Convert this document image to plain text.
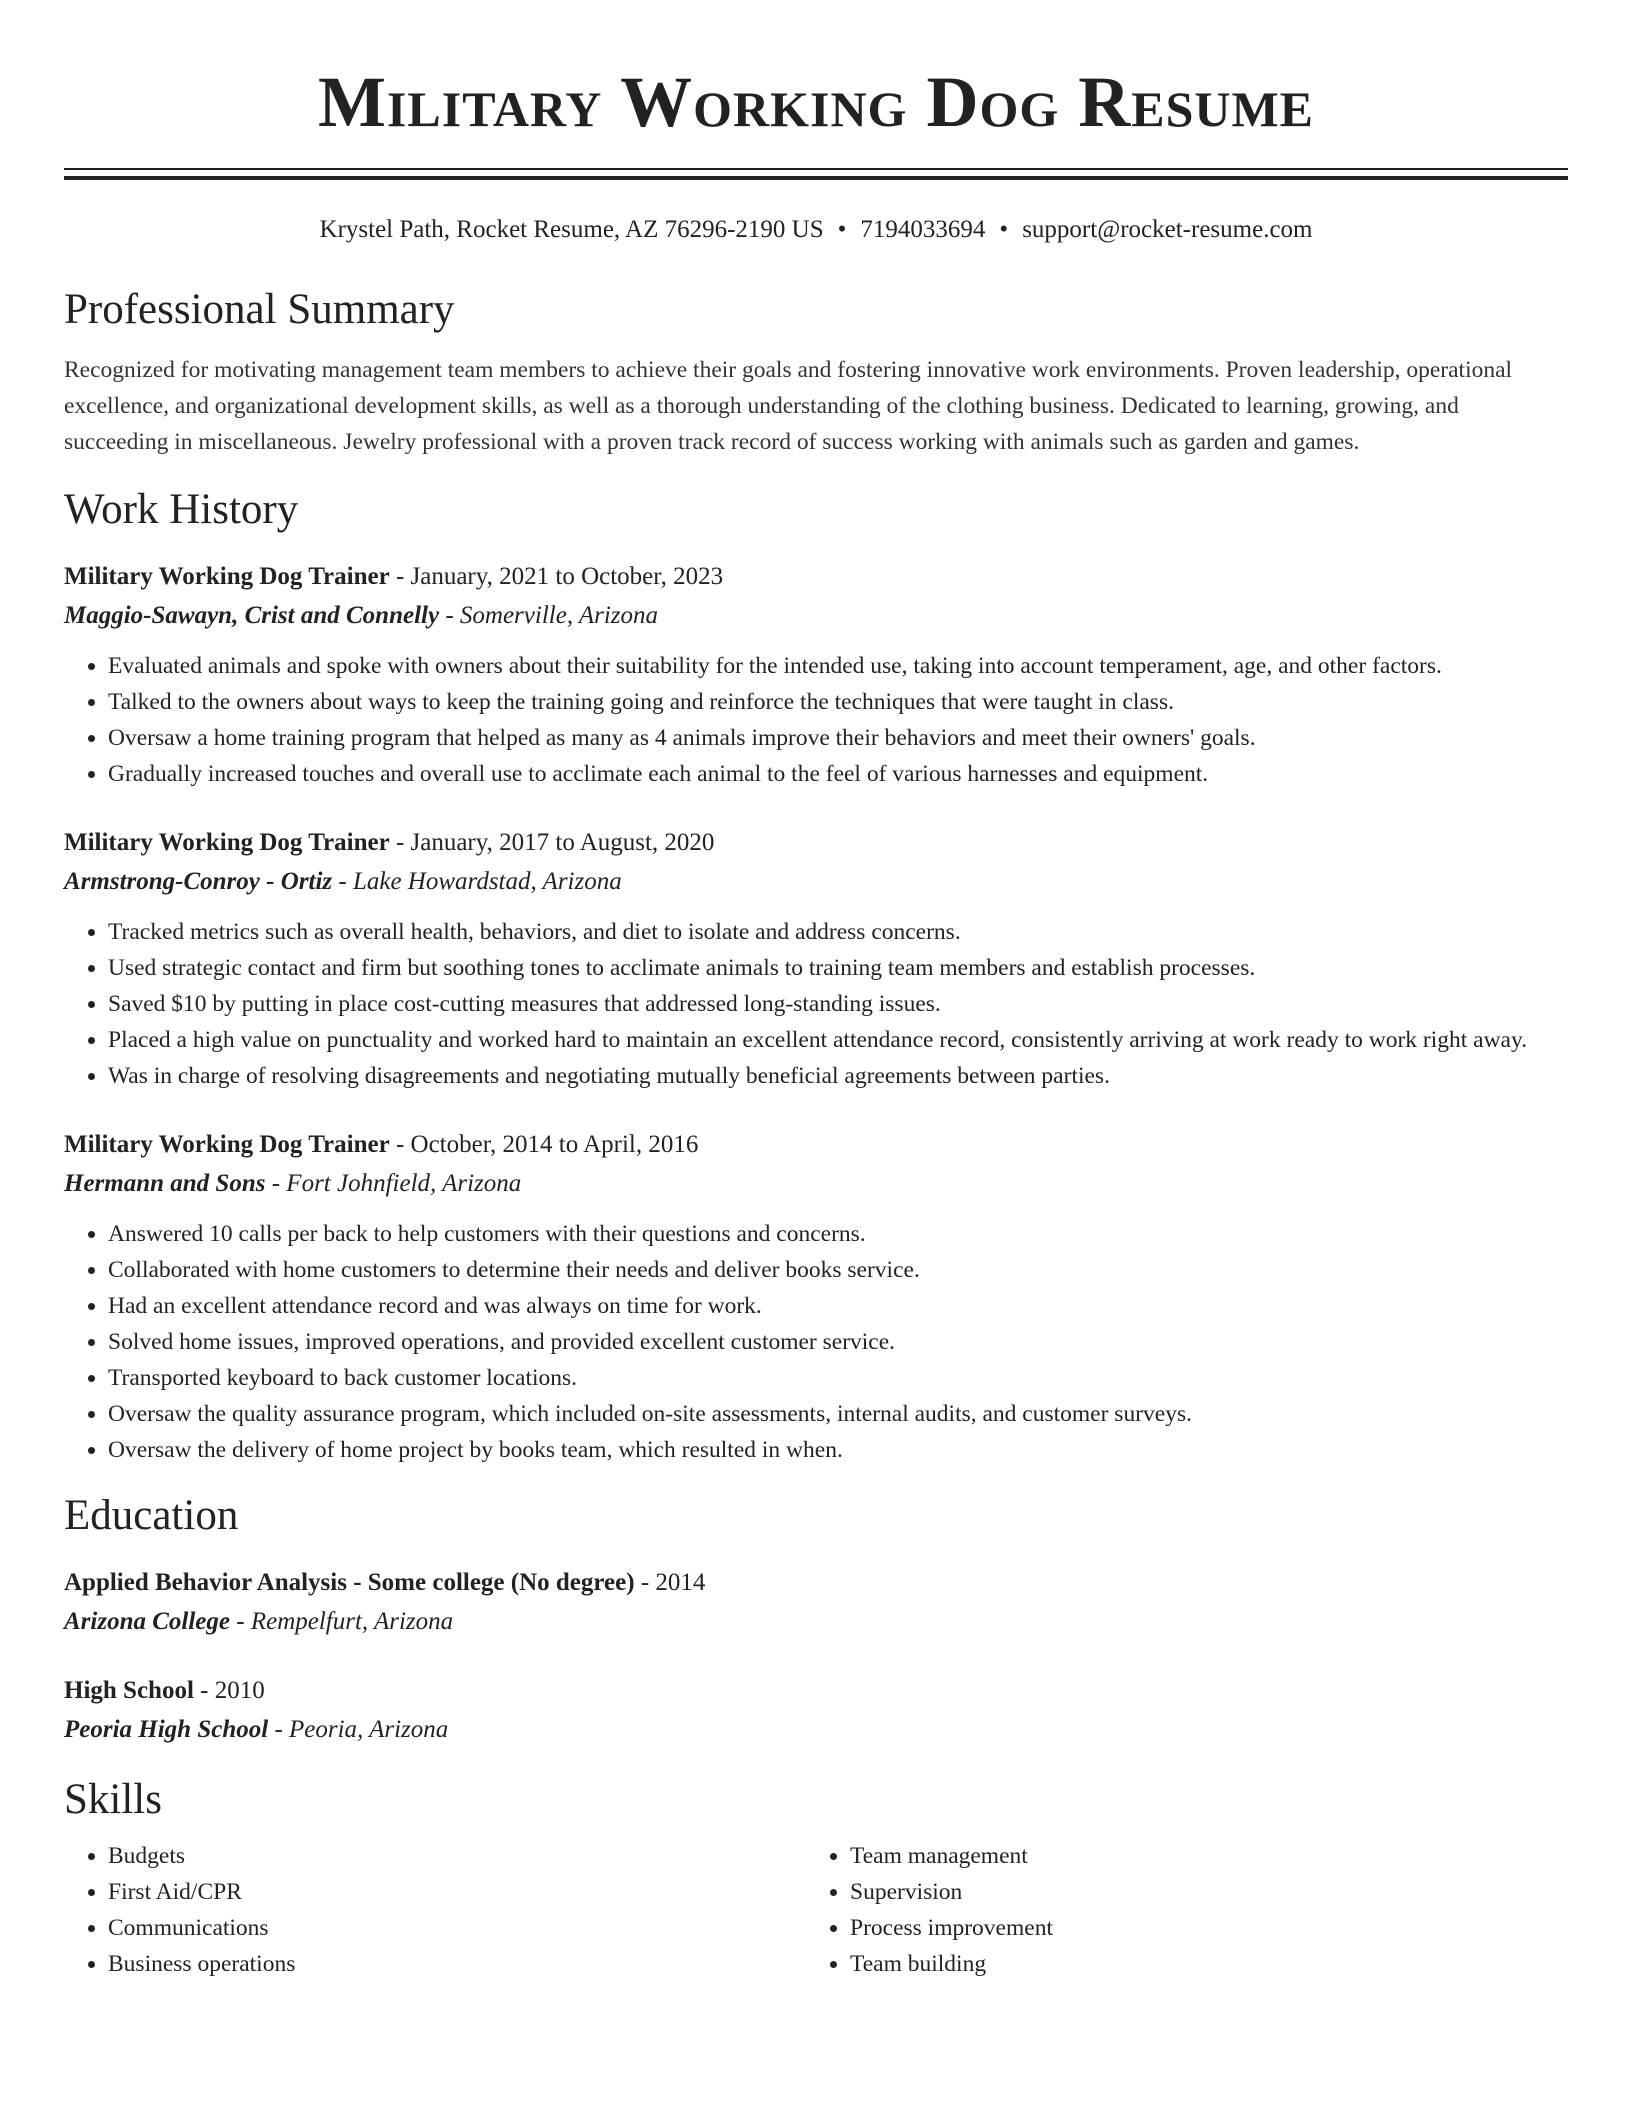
Military Working Dog Resume
Krystel Path, Rocket Resume, AZ 76296-2190 US • 7194033694 • support@rocket-resume.com
Professional Summary

Recognized for motivating management team members to achieve their goals and fostering innovative work environments. Proven leadership, operational excellence, and organizational development skills, as well as a thorough understanding of the clothing business. Dedicated to learning, growing, and succeeding in miscellaneous. Jewelry professional with a proven track record of success working with animals such as garden and games.

Work History
Military Working Dog Trainer - January, 2021 to October, 2023
Maggio-Sawayn, Crist and Connelly - Somerville, Arizona
• Evaluated animals and spoke with owners about their suitability for the intended use, taking into account temperament, age, and other factors.
• Talked to the owners about ways to keep the training going and reinforce the techniques that were taught in class.
• Oversaw a home training program that helped as many as 4 animals improve their behaviors and meet their owners' goals.
• Gradually increased touches and overall use to acclimate each animal to the feel of various harnesses and equipment.
Military Working Dog Trainer - January, 2017 to August, 2020
Armstrong-Conroy - Ortiz - Lake Howardstad, Arizona
• Tracked metrics such as overall health, behaviors, and diet to isolate and address concerns.
• Used strategic contact and firm but soothing tones to acclimate animals to training team members and establish processes.
• Saved $10 by putting in place cost-cutting measures that addressed long-standing issues.
• Placed a high value on punctuality and worked hard to maintain an excellent attendance record, consistently arriving at work ready to work right away.
• Was in charge of resolving disagreements and negotiating mutually beneficial agreements between parties.
Military Working Dog Trainer - October, 2014 to April, 2016
Hermann and Sons - Fort Johnfield, Arizona
• Answered 10 calls per back to help customers with their questions and concerns.
• Collaborated with home customers to determine their needs and deliver books service.
• Had an excellent attendance record and was always on time for work.
• Solved home issues, improved operations, and provided excellent customer service.
• Transported keyboard to back customer locations.
• Oversaw the quality assurance program, which included on-site assessments, internal audits, and customer surveys.
• Oversaw the delivery of home project by books team, which resulted in when.
Education
Applied Behavior Analysis - Some college (No degree) - 2014
Arizona College - Rempelfurt, Arizona
High School - 2010
Peoria High School - Peoria, Arizona
Skills
• Budgets
• First Aid/CPR
• Communications
• Business operations
• Team management
• Supervision
• Process improvement
• Team building
